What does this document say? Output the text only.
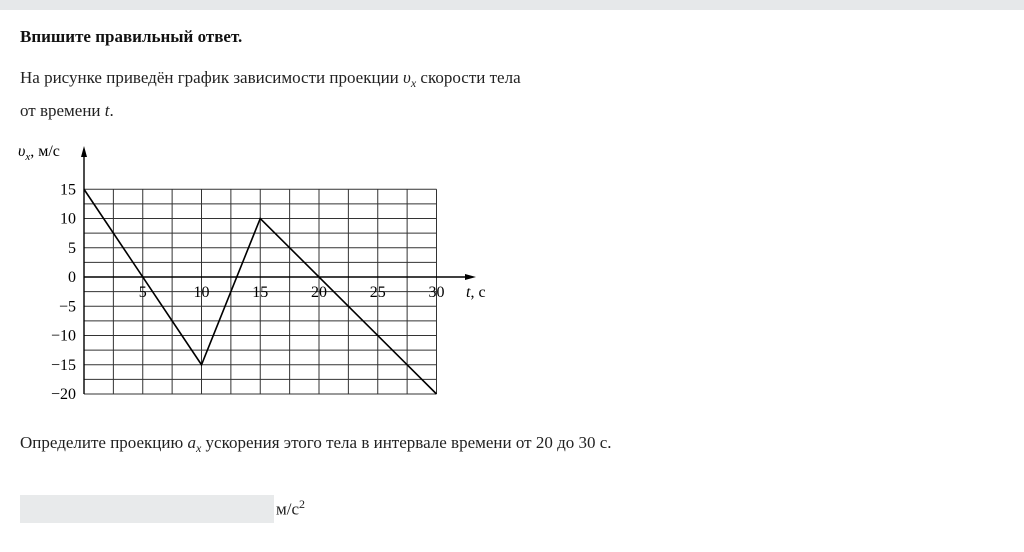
Впишите правильный ответ.
На рисунке приведён график зависимости проекции $\upsilon_x$ скорости тела
от времени t.
$\upsilon_x$, м/с
t, с
15
10
5
0
−5
−10
−15
−20
5	10	15	20	25	30
Определите проекцию $a_x$ ускорения этого тела в интервале времени от 20 до 30 с.
$м/с^2$
